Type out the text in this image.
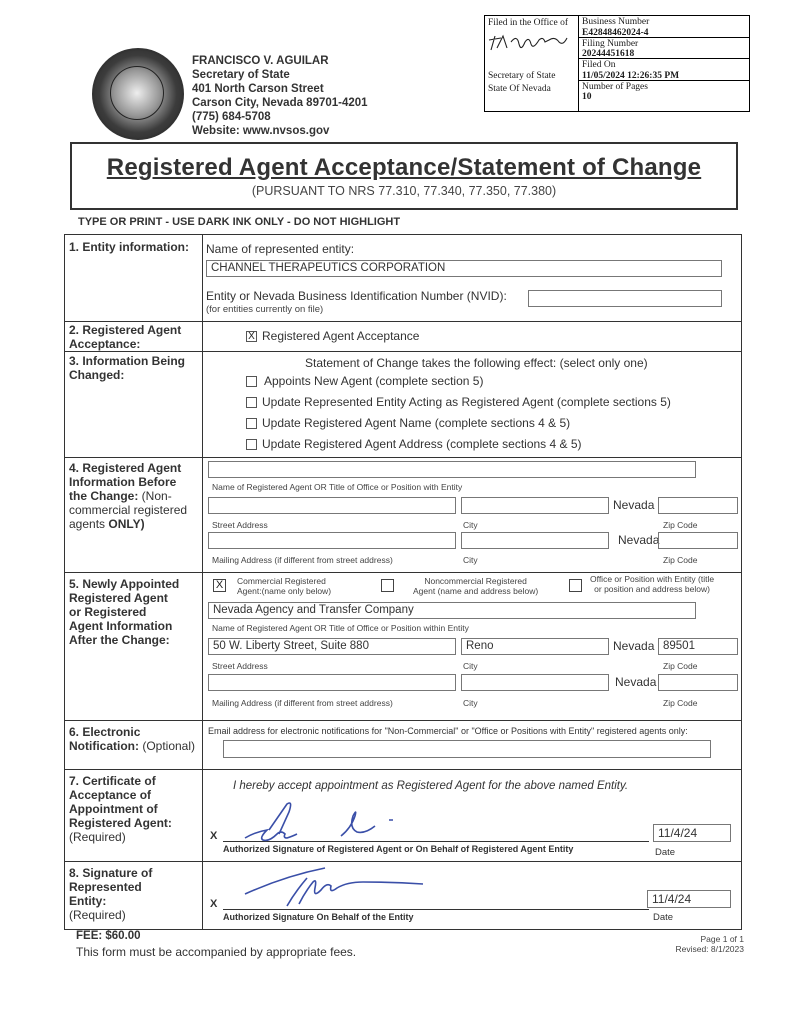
FRANCISCO V. AGUILAR
Secretary of State
401 North Carson Street
Carson City, Nevada 89701-4201
(775) 684-5708
Website: www.nvsos.gov
Filed in the Office of
Secretary of State
State Of Nevada
Business Number
E42848462024-4
Filing Number
20244451618
Filed On
11/05/2024 12:26:35 PM
Number of Pages
10
Registered Agent Acceptance/Statement of Change
(PURSUANT TO NRS 77.310, 77.340, 77.350, 77.380)
TYPE OR PRINT - USE DARK INK ONLY - DO NOT HIGHLIGHT
1. Entity information: Name of represented entity:
CHANNEL THERAPEUTICS CORPORATION
Entity or Nevada Business Identification Number (NVID):
(for entities currently on file)
2. Registered Agent
Acceptance:
X Registered Agent Acceptance
3. Information Being
Changed:
Statement of Change takes the following effect: (select only one)
Appoints New Agent (complete section 5)
Update Represented Entity Acting as Registered Agent (complete sections 5)
Update Registered Agent Name (complete sections 4 & 5)
Update Registered Agent Address (complete sections 4 & 5)
4. Registered Agent
Information Before
the Change: (Non-
commercial registered
agents ONLY)
Name of Registered Agent OR Title of Office or Position with Entity
Nevada
Street Address	City	Zip Code
Nevada
Mailing Address (if different from street address)	City	Zip Code
5. Newly Appointed
Registered Agent
or Registered
Agent Information
After the Change:
X	Commercial Registered
Agent:(name only below)
Noncommercial Registered
Agent (name and address below)
Office or Position with Entity (title
or position and address below)
Nevada Agency and Transfer Company
Name of Registered Agent OR Title of Office or Position within Entity
50 W. Liberty Street, Suite 880	Reno	Nevada 89501
Street Address	City	Zip Code
Nevada
Mailing Address (if different from street address)	City	Zip Code
6. Electronic
Notification: (Optional)
Email address for electronic notifications for "Non-Commercial" or "Office or Positions with Entity" registered agents only:
7. Certificate of
Acceptance of
Appointment of
Registered Agent:
(Required)
I hereby accept appointment as Registered Agent for the above named Entity.
X
Authorized Signature of Registered Agent or On Behalf of Registered Agent Entity
11/4/24
Date
8. Signature of
Represented
Entity:
(Required)
X
Authorized Signature On Behalf of the Entity
11/4/24
Date
FEE: $60.00
This form must be accompanied by appropriate fees.
Page 1 of 1
Revised: 8/1/2023
